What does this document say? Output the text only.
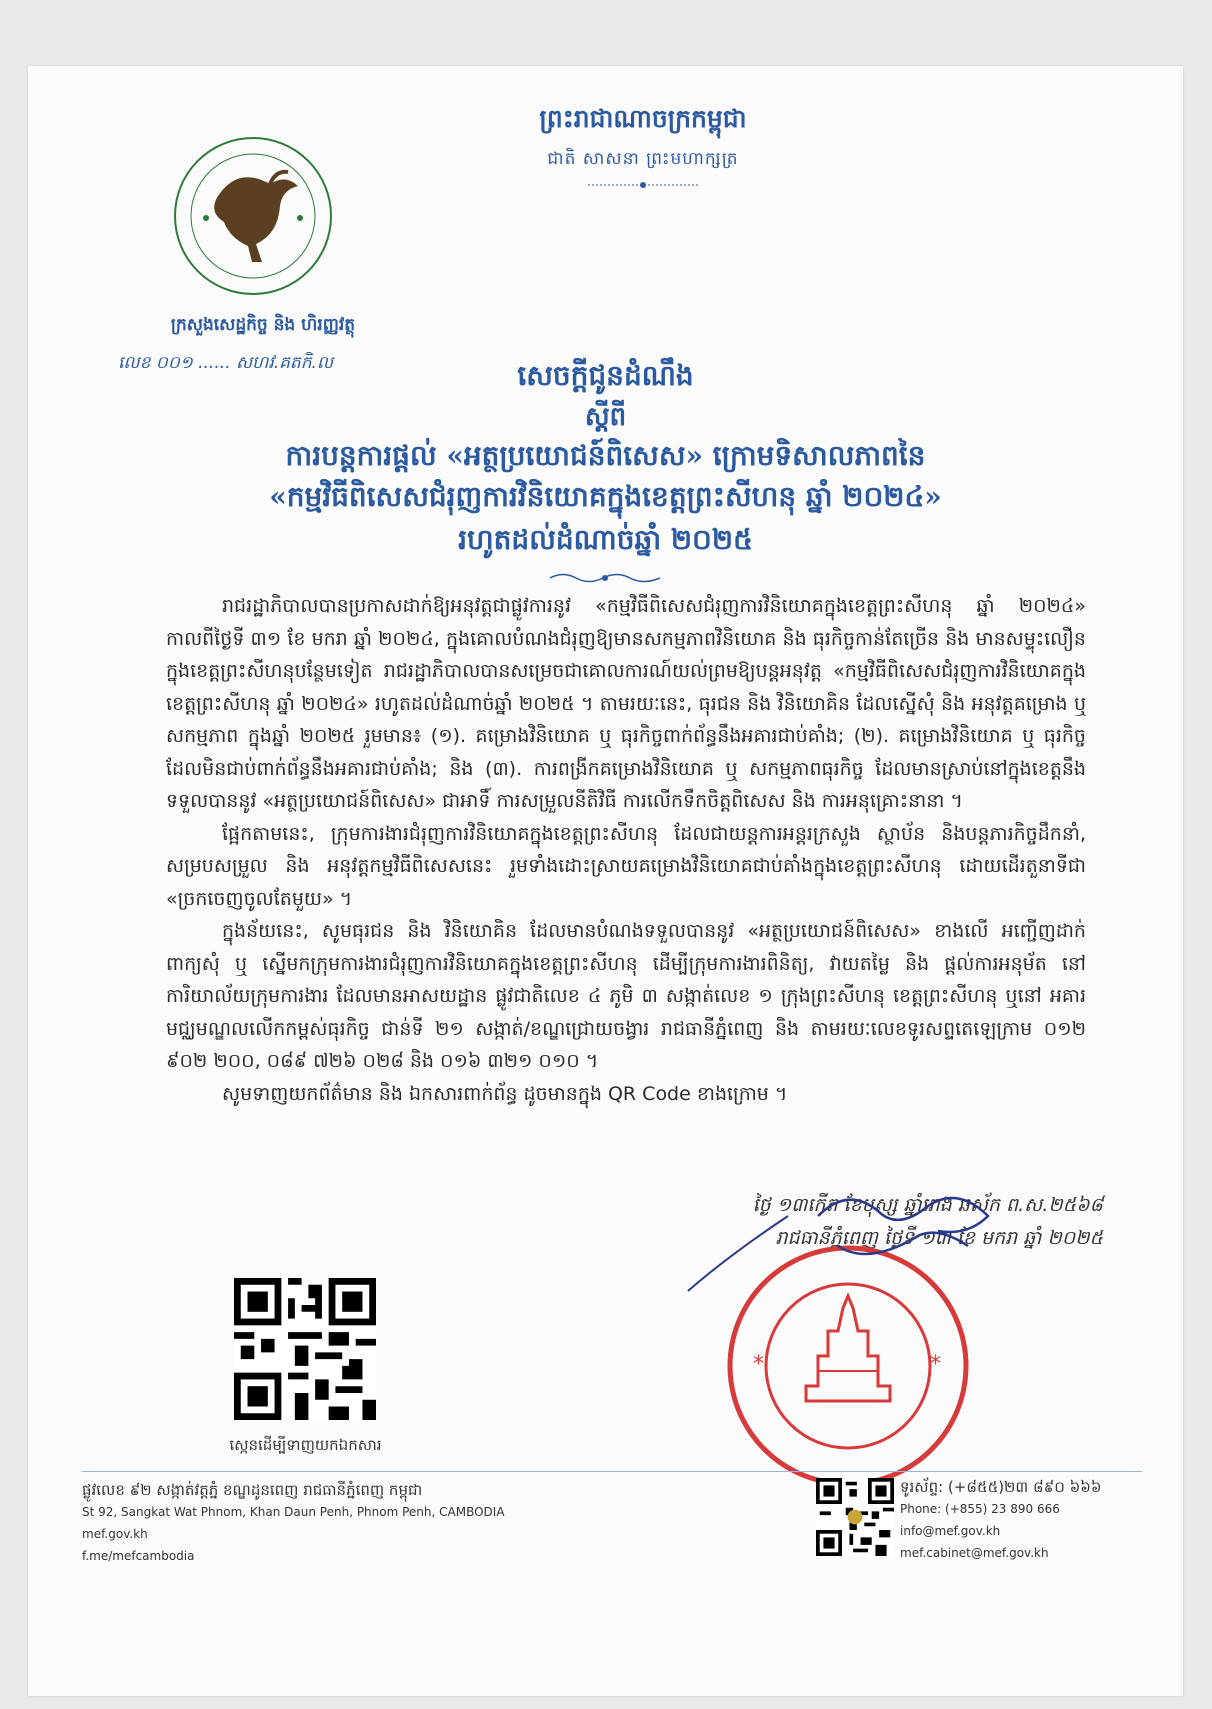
ព្រះរាជាណាចក្រកម្ពុជា
ជាតិ សាសនា ព្រះមហាក្សត្រ
ក្រសួងសេដ្ឋកិច្ច និង ហិរញ្ញវត្ថុ
លេខ ០០១ ...... សហវ.គតកិ.ល	សេចក្តីជូនដំណឹង
ស្តីពី
ការបន្តការផ្តល់ «អត្ថប្រយោជន៍ពិសេស» ក្រោមទិសាលភាពនៃ
«កម្មវិធីពិសេសជំរុញការវិនិយោគក្នុងខេត្តព្រះសីហនុ ឆ្នាំ ២០២៤»
រហូតដល់ដំណាច់ឆ្នាំ ២០២៥

រាជរដ្ឋាភិបាលបានប្រកាសដាក់ឱ្យអនុវត្តជាផ្លូវការនូវ «កម្មវិធីពិសេសជំរុញការវិនិយោគក្នុងខេត្តព្រះសីហនុ ឆ្នាំ ២០២៤» កាលពីថ្ងៃទី ៣១ ខែ មករា ឆ្នាំ ២០២៤, ក្នុងគោលបំណងជំរុញឱ្យមានសកម្មភាពវិនិយោគ និង ធុរកិច្ចកាន់តែច្រើន និង មានសម្ទុះលឿនក្នុងខេត្តព្រះសីហនុបន្ថែមទៀត រាជរដ្ឋាភិបាលបានសម្រេចជាគោលការណ៍យល់ព្រមឱ្យបន្តអនុវត្ត «កម្មវិធីពិសេសជំរុញការវិនិយោគក្នុងខេត្តព្រះសីហនុ ឆ្នាំ ២០២៤» រហូតដល់ដំណាច់ឆ្នាំ ២០២៥ ។ តាមរយៈនេះ, ធុរជន និង វិនិយោគិន ដែលស្នើសុំ និង អនុវត្តគម្រោង ឬ សកម្មភាព ក្នុងឆ្នាំ ២០២៥ រួមមាន៖ (១). គម្រោងវិនិយោគ ឬ ធុរកិច្ចពាក់ព័ន្ធនឹងអគារជាប់គាំង; (២). គម្រោងវិនិយោគ ឬ ធុរកិច្ច ដែលមិនជាប់ពាក់ព័ន្ធនឹងអគារជាប់គាំង; និង (៣). ការពង្រីកគម្រោងវិនិយោគ ឬ សកម្មភាពធុរកិច្ច ដែលមានស្រាប់នៅក្នុងខេត្តនឹងទទួលបាននូវ «អត្ថប្រយោជន៍ពិសេស» ជាអាទិ៍ ការសម្រួលនីតិវិធី ការលើកទឹកចិត្តពិសេស និង ការអនុគ្រោះនានា ។

ផ្អែកតាមនេះ, ក្រុមការងារជំរុញការវិនិយោគក្នុងខេត្តព្រះសីហនុ ដែលជាយន្តការអន្តរក្រសួង ស្ថាប័ន និងបន្តភារកិច្ចដឹកនាំ, សម្របសម្រួល និង អនុវត្តកម្មវិធីពិសេសនេះ រួមទាំងដោះស្រាយគម្រោងវិនិយោគជាប់គាំងក្នុងខេត្តព្រះសីហនុ ដោយដើរតួនាទីជា «ច្រកចេញចូលតែមួយ» ។

ក្នុងន័យនេះ, សូមធុរជន និង វិនិយោគិន ដែលមានបំណងទទួលបាននូវ «អត្ថប្រយោជន៍ពិសេស» ខាងលើ អញ្ជើញដាក់ពាក្យសុំ ឬ ស្នើមកក្រុមការងារជំរុញការវិនិយោគក្នុងខេត្តព្រះសីហនុ ដើម្បីក្រុមការងារពិនិត្យ, វាយតម្លៃ និង ផ្តល់ការអនុម័ត នៅការិយាល័យក្រុមការងារ ដែលមានអាសយដ្ឋាន ផ្លូវជាតិលេខ ៤ ភូមិ ៣ សង្កាត់លេខ ១ ក្រុងព្រះសីហនុ ខេត្តព្រះសីហនុ ឬនៅ អគារមជ្ឈមណ្ឌលលើកកម្ពស់ធុរកិច្ច ជាន់ទី ២១ សង្កាត់/ខណ្ឌជ្រោយចង្វារ រាជធានីភ្នំពេញ និង តាមរយៈលេខទូរសព្ទតេឡេក្រាម ០១២ ៩០២ ២០០, ០៨៩ ៧២៦ ០២៨ និង ០១៦ ៣២១ ០១០ ។

សូមទាញយកព័ត៌មាន និង ឯកសារពាក់ព័ន្ធ ដូចមានក្នុង QR Code ខាងក្រោម ។

ថ្ងៃ ១៣កើត ខែបុស្ស ឆ្នាំរោង ឆស័ក ព.ស.២៥៦៨
រាជធានីភ្នំពេញ ថ្ងៃទី ១៣ ខែ មករា ឆ្នាំ ២០២៥
*	*
ស្កេនដើម្បីទាញយកឯកសារ
ផ្លូវលេខ ៩២ សង្កាត់វត្តភ្នំ ខណ្ឌដូនពេញ រាជធានីភ្នំពេញ កម្ពុជា
St 92, Sangkat Wat Phnom, Khan Daun Penh, Phnom Penh, CAMBODIA
mef.gov.kh
f.me/mefcambodia
ទូរស័ព្ទ: (+៨៥៥)២៣ ៨៩០ ៦៦៦
Phone: (+855) 23 890 666
info@mef.gov.kh
mef.cabinet@mef.gov.kh
